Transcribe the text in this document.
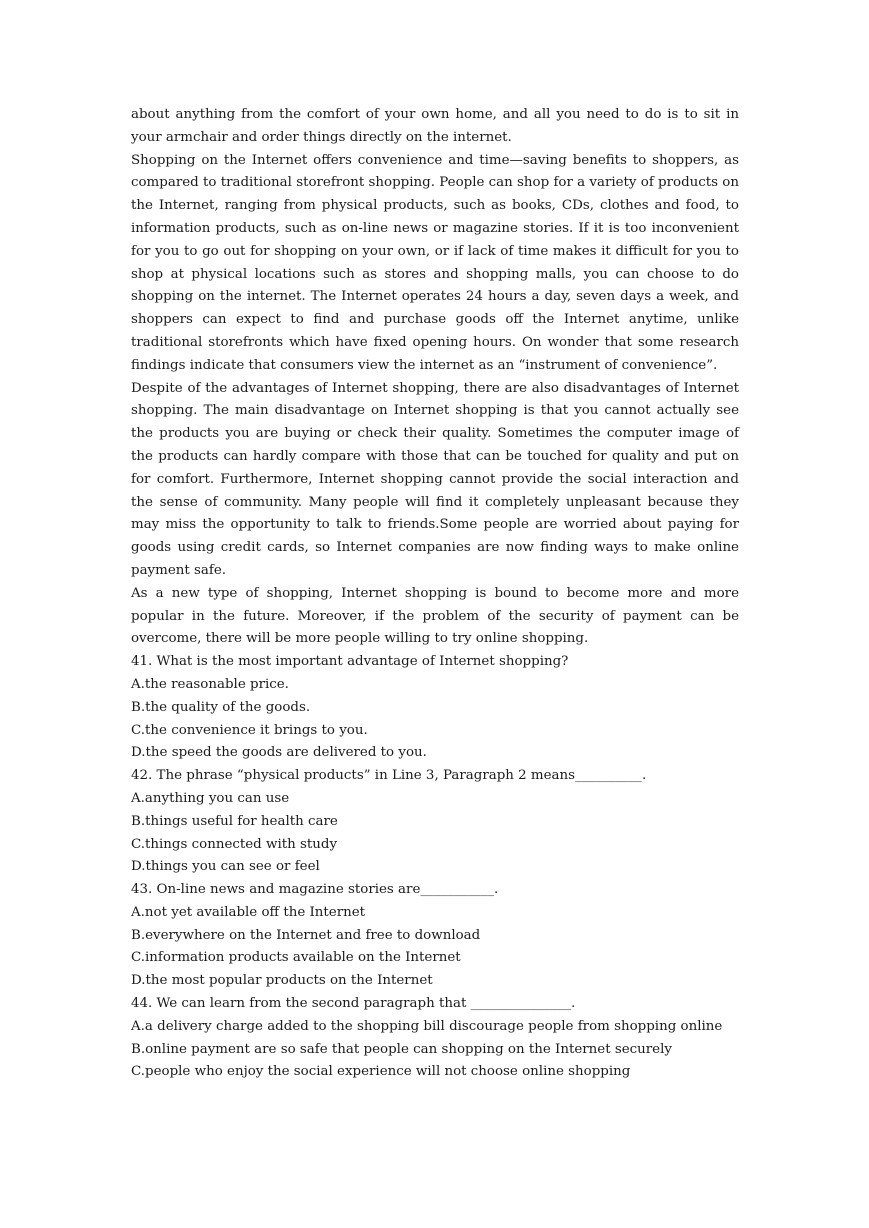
about anything from the comfort of your own home, and all you need to do is to sit in your armchair and order things directly on the internet.

Shopping on the Internet offers convenience and time—saving benefits to shoppers, as compared to traditional storefront shopping. People can shop for a variety of products on the Internet, ranging from physical products, such as books, CDs, clothes and food, to information products, such as on-line news or magazine stories. If it is too inconvenient for you to go out for shopping on your own, or if lack of time makes it difficult for you to shop at physical locations such as stores and shopping malls, you can choose to do shopping on the internet. The Internet operates 24 hours a day, seven days a week, and shoppers can expect to find and purchase goods off the Internet anytime, unlike traditional storefronts which have fixed opening hours. On wonder that some research findings indicate that consumers view the internet as an “instrument of convenience”.

Despite of the advantages of Internet shopping, there are also disadvantages of Internet shopping. The main disadvantage on Internet shopping is that you cannot actually see the products you are buying or check their quality. Sometimes the computer image of the products can hardly compare with those that can be touched for quality and put on for comfort. Furthermore, Internet shopping cannot provide the social interaction and the sense of community. Many people will find it completely unpleasant because they may miss the opportunity to talk to friends.Some people are worried about paying for goods using credit cards, so Internet companies are now finding ways to make online payment safe.

As a new type of shopping, Internet shopping is bound to become more and more popular in the future. Moreover, if the problem of the security of payment can be overcome, there will be more people willing to try online shopping.

41. What is the most important advantage of Internet shopping?

A.the reasonable price.

B.the quality of the goods.

C.the convenience it brings to you.

D.the speed the goods are delivered to you.

42. The phrase “physical products” in Line 3, Paragraph 2 means__________.

A.anything you can use

B.things useful for health care

C.things connected with study

D.things you can see or feel

43. On-line news and magazine stories are___________.

A.not yet available off the Internet

B.everywhere on the Internet and free to download

C.information products available on the Internet

D.the most popular products on the Internet

44. We can learn from the second paragraph that _______________.

A.a delivery charge added to the shopping bill discourage people from shopping online

B.online payment are so safe that people can shopping on the Internet securely

C.people who enjoy the social experience will not choose online shopping
